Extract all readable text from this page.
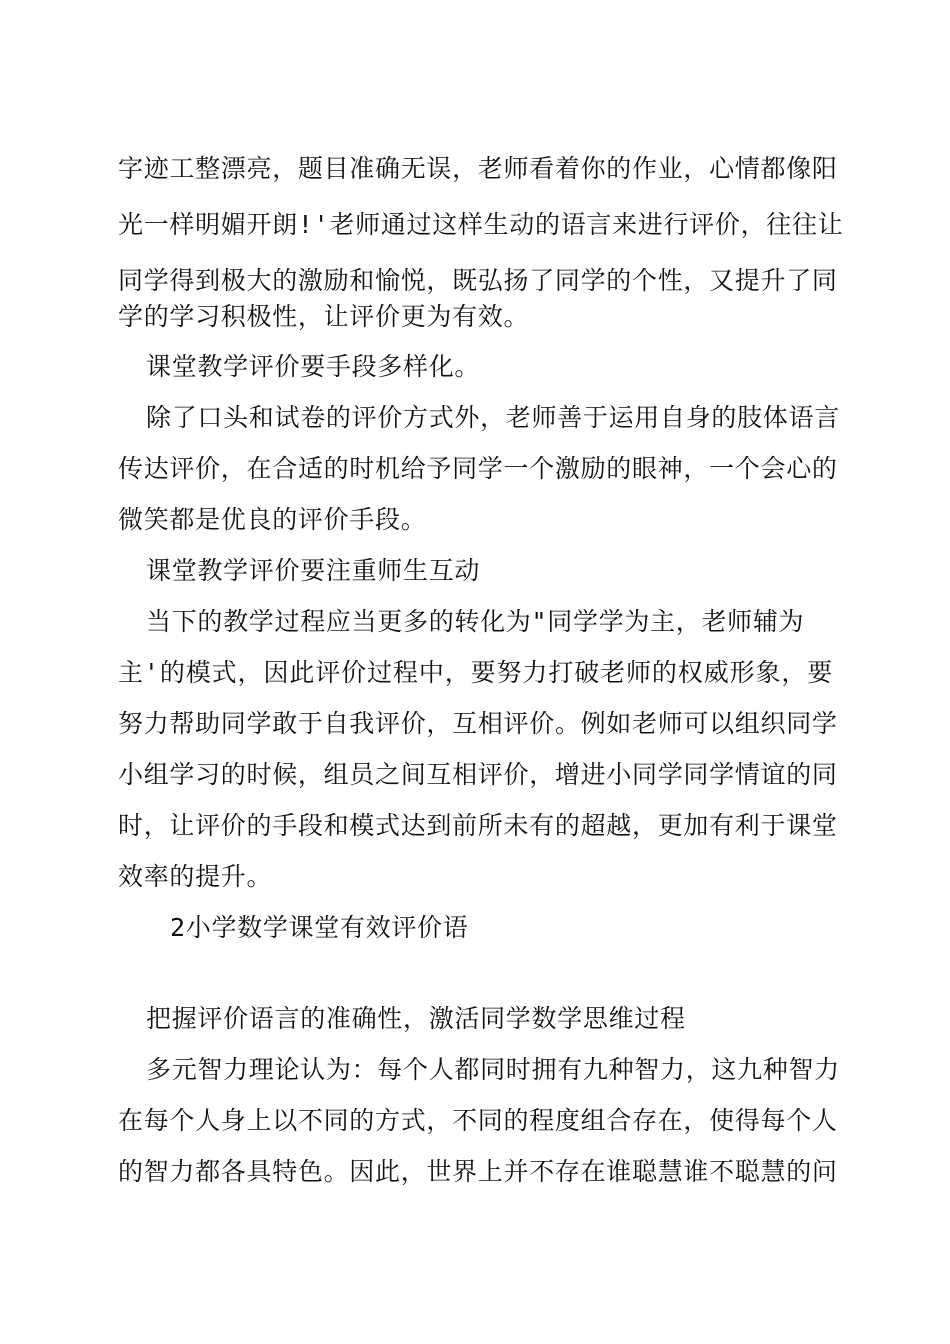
字迹工整漂亮，题目准确无误，老师看着你的作业，心情都像阳
光一样明媚开朗!'老师通过这样生动的语言来进行评价，往往让
同学得到极大的激励和愉悦，既弘扬了同学的个性，又提升了同
学的学习积极性，让评价更为有效。
课堂教学评价要手段多样化。
除了口头和试卷的评价方式外，老师善于运用自身的肢体语言
传达评价，在合适的时机给予同学一个激励的眼神，一个会心的
微笑都是优良的评价手段。
课堂教学评价要注重师生互动
当下的教学过程应当更多的转化为"同学学为主，老师辅为
主'的模式，因此评价过程中，要努力打破老师的权威形象，要
努力帮助同学敢于自我评价，互相评价。例如老师可以组织同学
小组学习的时候，组员之间互相评价，增进小同学同学情谊的同
时，让评价的手段和模式达到前所未有的超越，更加有利于课堂
效率的提升。
2小学数学课堂有效评价语
把握评价语言的准确性，激活同学数学思维过程
多元智力理论认为：每个人都同时拥有九种智力，这九种智力
在每个人身上以不同的方式，不同的程度组合存在，使得每个人
的智力都各具特色。因此，世界上并不存在谁聪慧谁不聪慧的问
